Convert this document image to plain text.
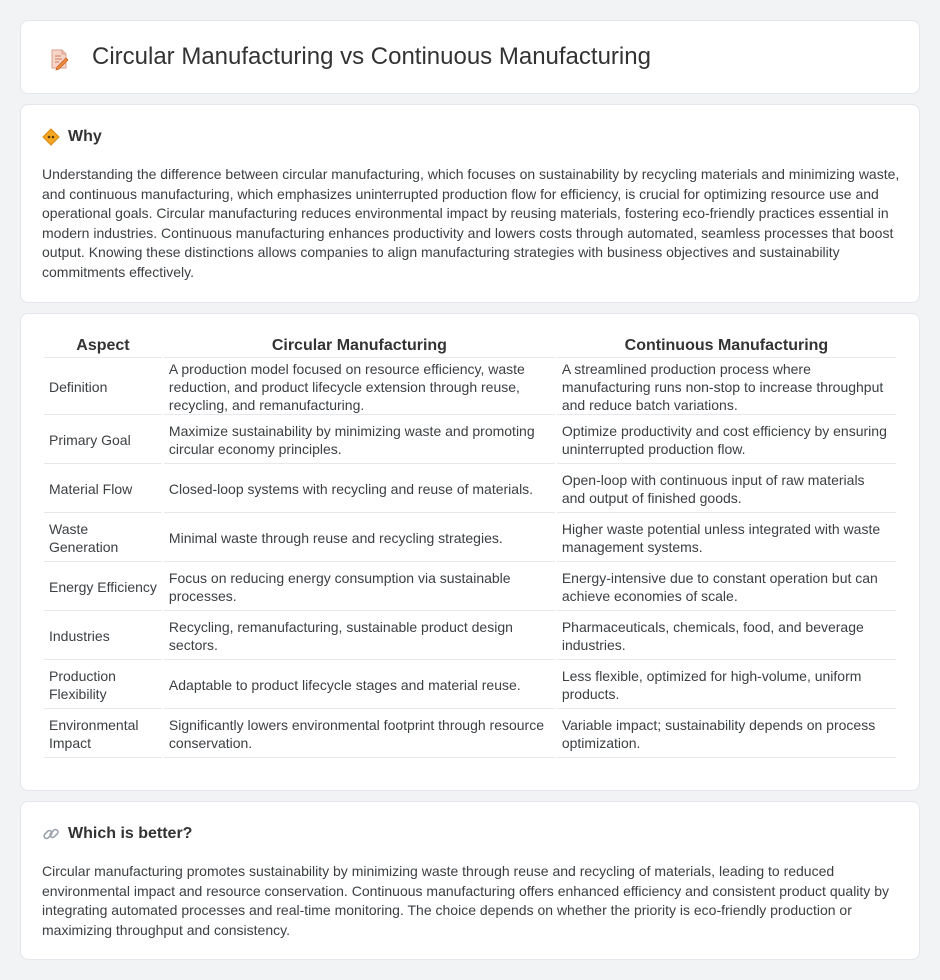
Circular Manufacturing vs Continuous Manufacturing
Why

Understanding the difference between circular manufacturing, which focuses on sustainability by recycling materials and minimizing waste, and continuous manufacturing, which emphasizes uninterrupted production flow for efficiency, is crucial for optimizing resource use and operational goals. Circular manufacturing reduces environmental impact by reusing materials, fostering eco-friendly practices essential in modern industries. Continuous manufacturing enhances productivity and lowers costs through automated, seamless processes that boost output. Knowing these distinctions allows companies to align manufacturing strategies with business objectives and sustainability commitments effectively.

Aspect	Circular Manufacturing	Continuous Manufacturing
Definition	A production model focused on resource efficiency, waste reduction, and product lifecycle extension through reuse, recycling, and remanufacturing.	A streamlined production process where manufacturing runs non-stop to increase throughput and reduce batch variations.
Primary Goal	Maximize sustainability by minimizing waste and promoting circular economy principles.	Optimize productivity and cost efficiency by ensuring uninterrupted production flow.
Material Flow	Closed-loop systems with recycling and reuse of materials.	Open-loop with continuous input of raw materials and output of finished goods.
Waste Generation	Minimal waste through reuse and recycling strategies.	Higher waste potential unless integrated with waste management systems.
Energy Efficiency	Focus on reducing energy consumption via sustainable processes.	Energy-intensive due to constant operation but can achieve economies of scale.
Industries	Recycling, remanufacturing, sustainable product design sectors.	Pharmaceuticals, chemicals, food, and beverage industries.
Production Flexibility	Adaptable to product lifecycle stages and material reuse.	Less flexible, optimized for high-volume, uniform products.
Environmental Impact	Significantly lowers environmental footprint through resource conservation.	Variable impact; sustainability depends on process optimization.
Which is better?

Circular manufacturing promotes sustainability by minimizing waste through reuse and recycling of materials, leading to reduced environmental impact and resource conservation. Continuous manufacturing offers enhanced efficiency and consistent product quality by integrating automated processes and real-time monitoring. The choice depends on whether the priority is eco-friendly production or maximizing throughput and consistency.
